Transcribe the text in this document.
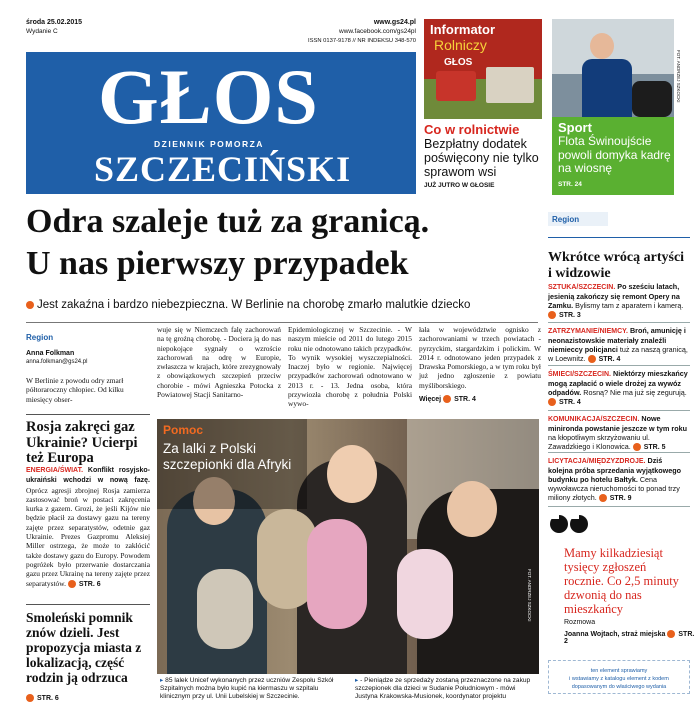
środa 25.02.2015
Wydanie C
www.gs24.pl
www.facebook.com/gs24pl
ISSN 0137-9178 // NR INDEKSU 348-570
GŁOS
DZIENNIK POMORZA
SZCZECIŃSKI
Informator
Rolniczy
GŁOS
Co w rolnictwie
Bezpłatny dodatek poświęcony nie tylko sprawom wsi
JUŻ JUTRO W GŁOSIE
FOT. ANDRZEJ SZKOCKI
Sport
Flota Świnoujście powoli domyka kadrę na wiosnę
STR. 24
Odra szaleje tuż za granicą.
U nas pierwszy przypadek
Jest zakaźna i bardzo niebezpieczna. W Berlinie na chorobę zmarło malutkie dziecko
Region
Anna Folkman
anna.folkman@gs24.pl
W Berlinie z powodu odry zmarł półtoraroczny chłopiec. Od kilku miesięcy obser-
wuje się w Niemczech falę zachorowań na tę groźną chorobę. - Dociera ją do nas niepokojące sygnały o wzroście zachorowań na odrę w Europie, zwłaszcza w krajach, które zrezygnowały z obowiązkowych szczepień przeciw chorobie - mówi Agnieszka Potocka z Powiatowej Stacji Sanitarno-
Epidemiologicznej w Szczecinie. - W naszym mieście od 2011 do lutego 2015 roku nie odnotowano takich przypadków. To wynik wysokiej wyszczepialności. Inaczej było w regionie. Najwięcej przypadków zachorowań odnotowano w 2013 r. - 13. Jedna osoba, która przywiozła chorobę z południa Polski wywo-
łała w województwie ognisko z zachorowaniami w trzech powiatach - pyrzyckim, stargardzkim i polickim. W 2014 r. odnotowano jeden przypadek z Drawska Pomorskiego, a w tym roku był już jedno zgłoszenie z powiatu myśliborskiego.
Więcej STR. 4
Rosja zakręci gaz Ukrainie? Ucierpi też Europa
ENERGIA/ŚWIAT. Konflikt rosyjsko-ukraiński wchodzi w nową fazę. Oprócz agresji zbrojnej Rosja zamierza zastosować broń w postaci zakręcenia kurka z gazem. Grozi, że jeśli Kijów nie będzie płacił za dostawy gazu na tereny zajęte przez separatystów, odetnie gaz Ukrainie. Prezes Gazpromu Aleksiej Miller ostrzega, że może to zakłócić także dostawy gazu do Europy. Powodem pogróżek było przerwanie dostarczania gazu przez Ukrainę na tereny zajęte przez separatystów. STR. 6
Smoleński pomnik znów dzieli. Jest propozycja miasta z lokalizacją, część rodzin ją odrzuca
STR. 6
Pomoc
Za lalki z Polski szczepionki dla Afryki
FOT. ANDRZEJ SZKOCKI
▸ 85 lalek Unicef wykonanych przez uczniów Zespołu Szkół Szpitalnych można było kupić na kiermaszu w szpitalu klinicznym przy ul. Unii Lubelskiej w Szczecinie.
▸ - Pieniądze ze sprzedaży zostaną przeznaczone na zakup szczepionek dla dzieci w Sudanie Południowym - mówi Justyna Krakowska-Musionek, koordynator projektu
Region
Wkrótce wrócą artyści i widzowie
SZTUKA/SZCZECIN. Po sześciu latach, jesienią zakończy się remont Opery na Zamku. Bylismy tam z aparatem i kamerą. STR. 3
ZATRZYMANIE/NIEMCY. Broń, amunicję i neonazistowskie materiały znaleźli niemieccy policjanci tuż za naszą granicą, w Loewnitz. STR. 4
ŚMIECI/SZCZECIN. Niektórzy mieszkańcy mogą zapłacić o wiele drożej za wywóz odpadów. Rosną? Nie ma już się zegurują. STR. 4
KOMUNIKACJA/SZCZECIN. Nowe minironda powstanie jeszcze w tym roku na kłopotliwym skrzyżowaniu ul. Zawadzkiego i Klonowica. STR. 5
LICYTACJA/MIĘDZYZDROJE. Dziś kolejna próba sprzedania wyjątkowego budynku po hotelu Bałtyk. Cena wywoławcza nieruchomości to ponad trzy miliony złotych. STR. 9
Mamy kilkadziesiąt tysięcy zgłoszeń rocznie. Co 2,5 minuty dzwonią do nas mieszkańcy
Rozmowa
Joanna Wojtach, straż miejska STR. 2
ten element sprawiamy
i wstawiamy z katalogu element z kodem
dopasowanym do właściwego wydania
